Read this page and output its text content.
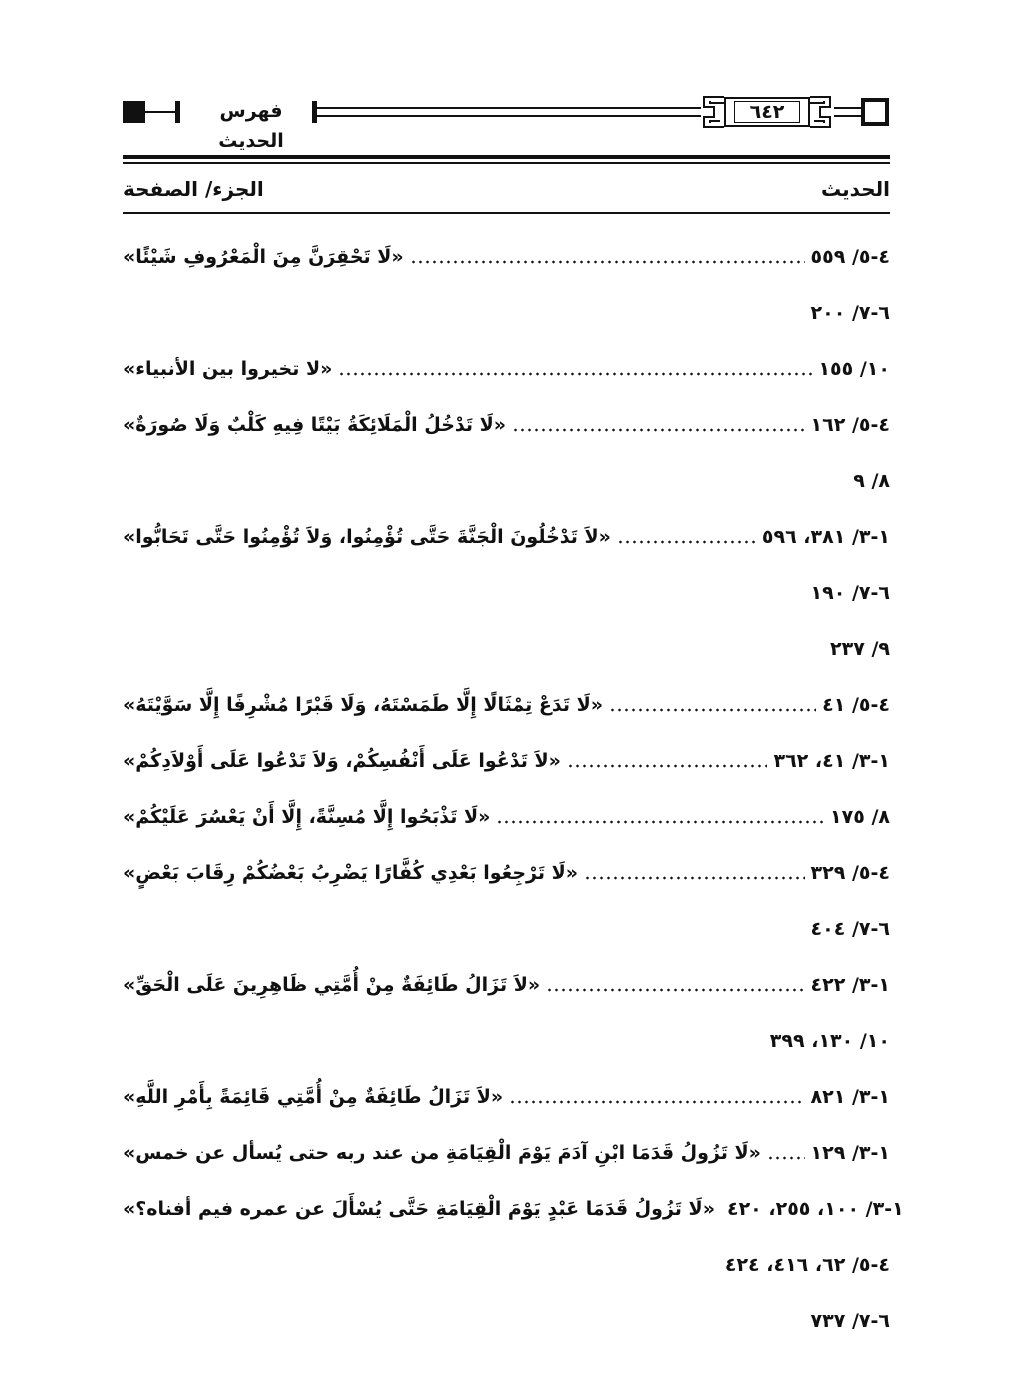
فهرس الحديث
٦٤٢
الحديث
الجزء/ الصفحة
«لَا تَحْقِرَنَّ مِنَ الْمَعْرُوفِ شَيْئًا»	٤-٥/ ٥٥٩
٦-٧/ ٢٠٠
«لا تخيروا بين الأنبياء»	١٠/ ١٥٥
«لَا تَدْخُلُ الْمَلَائِكَةُ بَيْتًا فِيهِ كَلْبٌ وَلَا صُورَةٌ»	٤-٥/ ١٦٢
٨/ ٩
«لاَ تَدْخُلُونَ الْجَنَّةَ حَتَّى تُؤْمِنُوا، وَلاَ تُؤْمِنُوا حَتَّى تَحَابُّوا»	١-٣/ ٣٨١، ٥٩٦
٦-٧/ ١٩٠
٩/ ٢٣٧
«لَا تَدَعْ تِمْثَالًا إِلَّا طَمَسْتَهُ، وَلَا قَبْرًا مُشْرِفًا إِلَّا سَوَّيْتَهُ»	٤-٥/ ٤١
«لاَ تَدْعُوا عَلَى أَنْفُسِكُمْ، وَلاَ تَدْعُوا عَلَى أَوْلاَدِكُمْ»	١-٣/ ٤١، ٣٦٢
«لَا تَذْبَحُوا إِلَّا مُسِنَّةً، إِلَّا أَنْ يَعْسُرَ عَلَيْكُمْ»	٨/ ١٧٥
«لَا تَرْجِعُوا بَعْدِي كُفَّارًا يَضْرِبُ بَعْضُكُمْ رِقَابَ بَعْضٍ»	٤-٥/ ٣٢٩
٦-٧/ ٤٠٤
«لاَ تَزَالُ طَائِفَةٌ مِنْ أُمَّتِي ظَاهِرِينَ عَلَى الْحَقِّ»	١-٣/ ٤٢٢
١٠/ ١٣٠، ٣٩٩
«لاَ تَزَالُ طَائِفَةٌ مِنْ أُمَّتِي قَائِمَةً بِأَمْرِ اللَّهِ»	١-٣/ ٨٢١
«لَا تَزُولُ قَدَمَا ابْنِ آدَمَ يَوْمَ الْقِيَامَةِ من عند ربه حتى يُسأل عن خمس»	١-٣/ ١٢٩
«لَا تَزُولُ قَدَمَا عَبْدٍ يَوْمَ الْقِيَامَةِ حَتَّى يُسْأَلَ عن عمره فيم أفناه؟» ١-٣/ ١٠٠، ٢٥٥، ٤٢٠
٤-٥/ ٦٢، ٤١٦، ٤٢٤
٦-٧/ ٧٣٧
